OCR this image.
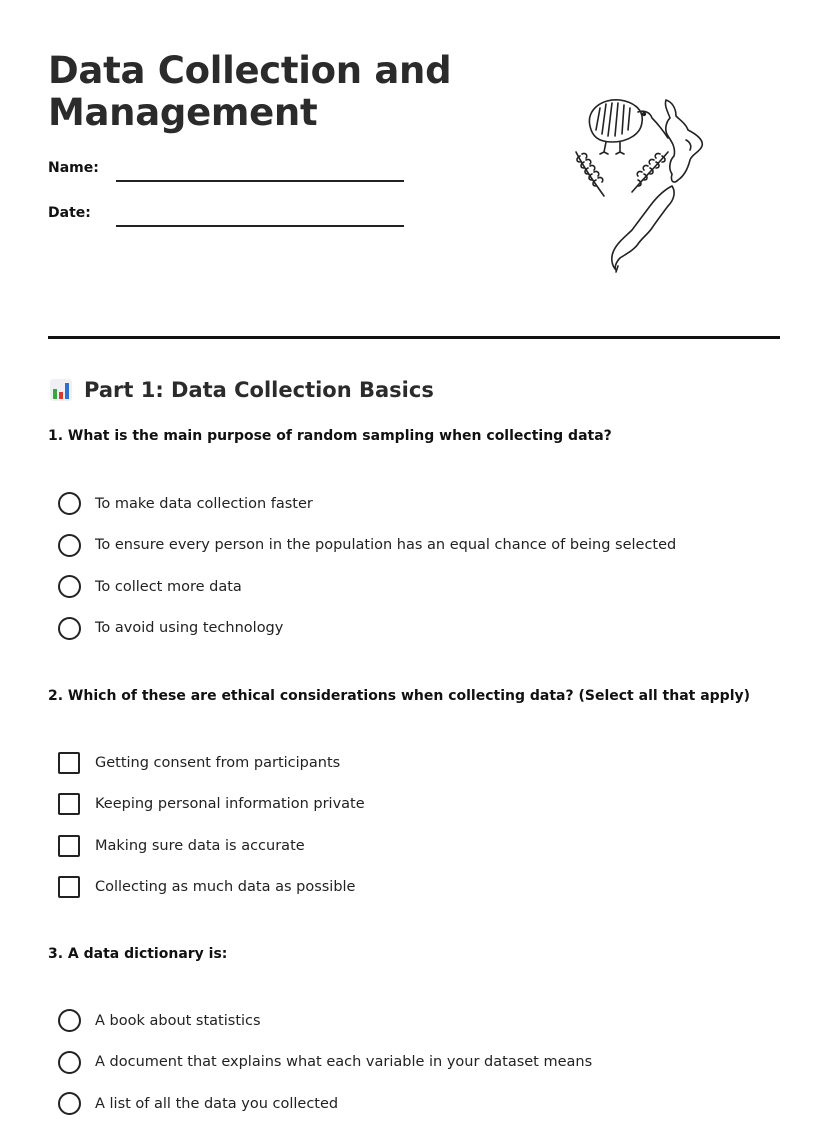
Data Collection and
Management
Name:
Date:
Part 1: Data Collection Basics
1. What is the main purpose of random sampling when collecting data?
To make data collection faster
To ensure every person in the population has an equal chance of being selected
To collect more data
To avoid using technology
2. Which of these are ethical considerations when collecting data? (Select all that apply)
Getting consent from participants
Keeping personal information private
Making sure data is accurate
Collecting as much data as possible
3. A data dictionary is:
A book about statistics
A document that explains what each variable in your dataset means
A list of all the data you collected
